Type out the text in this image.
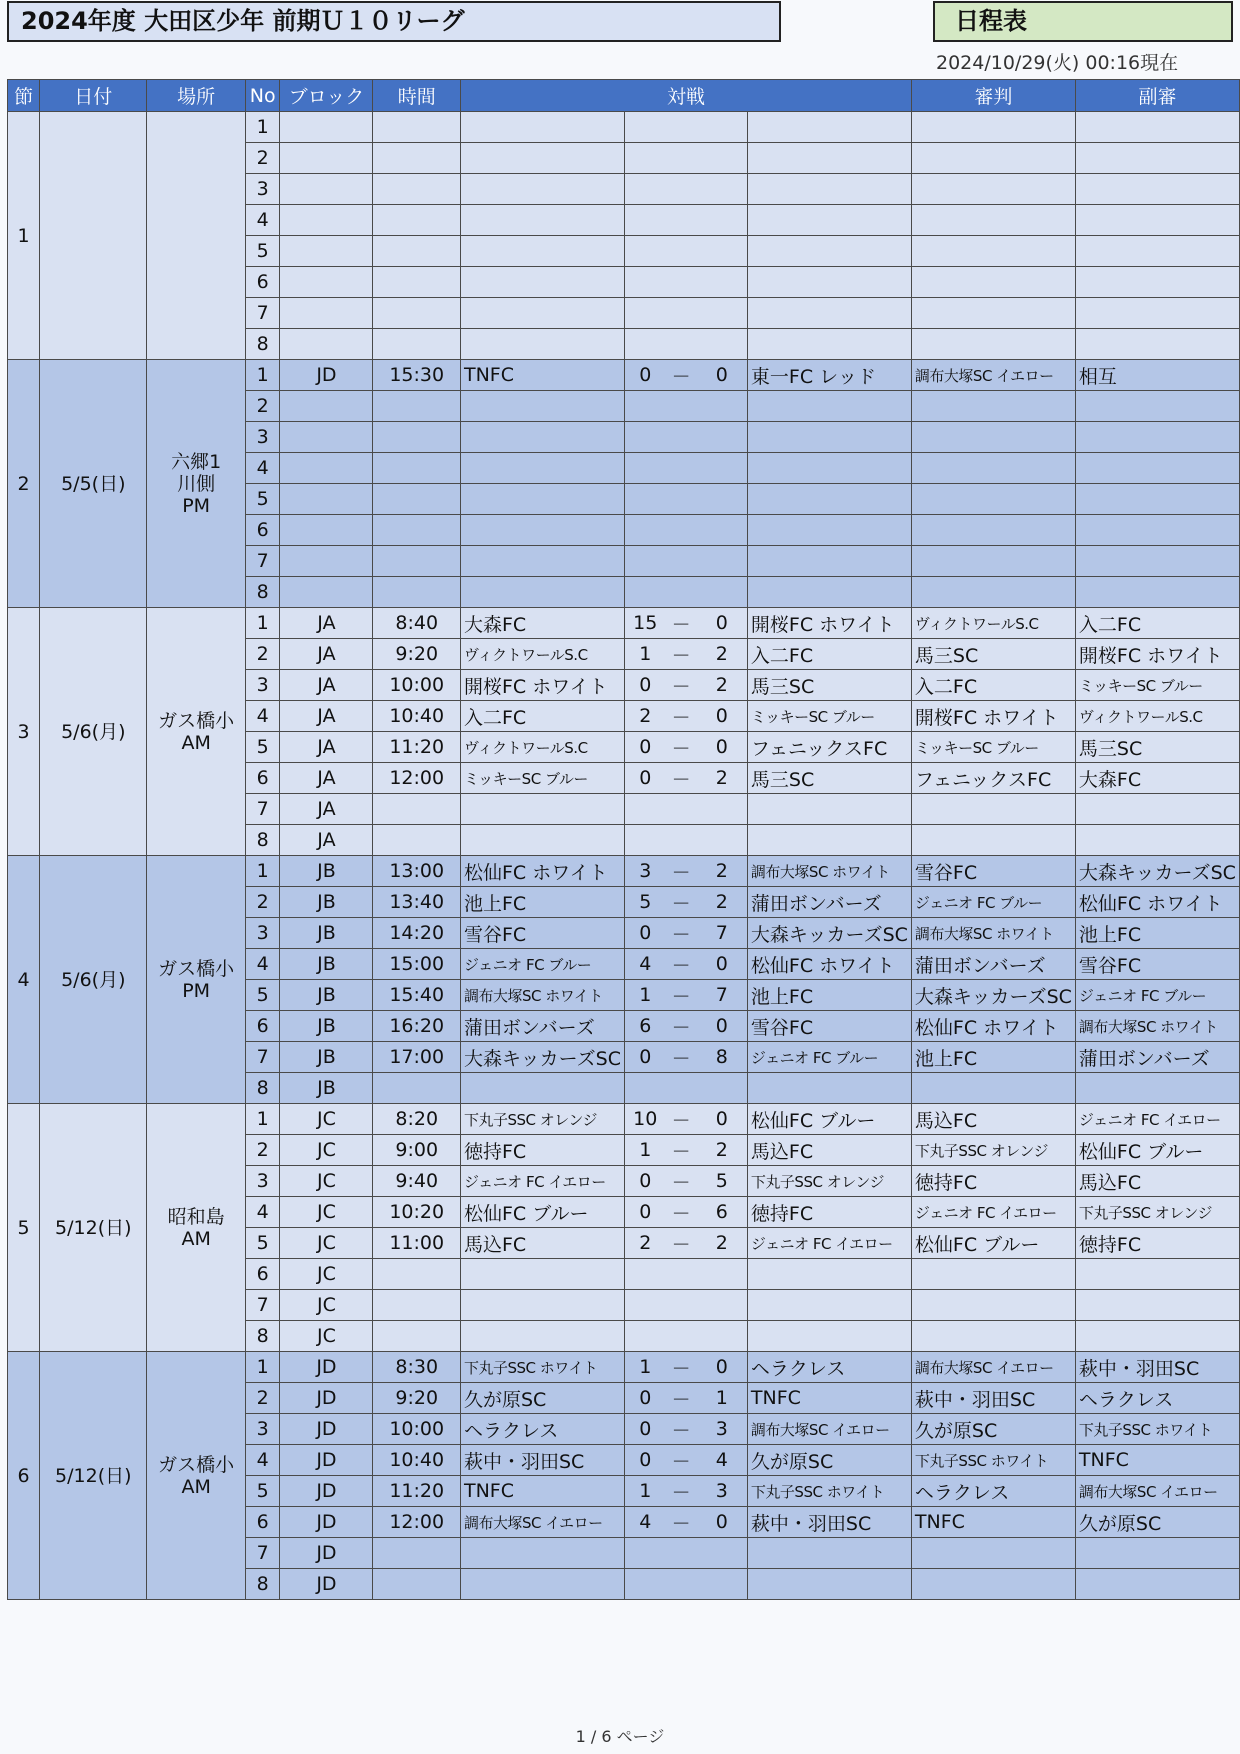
2024年度 大田区少年 前期Ｕ１０リーグ	日程表
2024/10/29(火) 00:16現在
節	日付	場所	No	ブロック	時間	対戦					審判	副審
1			1									
			2									
			3									
			4									
			5									
			6									
			7									
			8									
2	5/5(日)	六郷1
川側
PM	1	JD	15:30	TNFC	0	－	0	東一FC レッド	調布大塚SC イエロー	相互
			2									
			3									
			4									
			5									
			6									
			7									
			8									
3	5/6(月)	ガス橋小
AM	1	JA	8:40	大森FC	15	－	0	開桜FC ホワイト	ヴィクトワールS.C	入二FC
			2	JA	9:20	ヴィクトワールS.C	1	－	2	入二FC	馬三SC	開桜FC ホワイト
			3	JA	10:00	開桜FC ホワイト	0	－	2	馬三SC	入二FC	ミッキーSC ブルー
			4	JA	10:40	入二FC	2	－	0	ミッキーSC ブルー	開桜FC ホワイト	ヴィクトワールS.C
			5	JA	11:20	ヴィクトワールS.C	0	－	0	フェニックスFC	ミッキーSC ブルー	馬三SC
			6	JA	12:00	ミッキーSC ブルー	0	－	2	馬三SC	フェニックスFC	大森FC
			7	JA								
			8	JA								
4	5/6(月)	ガス橋小
PM	1	JB	13:00	松仙FC ホワイト	3	－	2	調布大塚SC ホワイト	雪谷FC	大森キッカーズSC
			2	JB	13:40	池上FC	5	－	2	蒲田ボンバーズ	ジェニオ FC ブルー	松仙FC ホワイト
			3	JB	14:20	雪谷FC	0	－	7	大森キッカーズSC	調布大塚SC ホワイト	池上FC
			4	JB	15:00	ジェニオ FC ブルー	4	－	0	松仙FC ホワイト	蒲田ボンバーズ	雪谷FC
			5	JB	15:40	調布大塚SC ホワイト	1	－	7	池上FC	大森キッカーズSC	ジェニオ FC ブルー
			6	JB	16:20	蒲田ボンバーズ	6	－	0	雪谷FC	松仙FC ホワイト	調布大塚SC ホワイト
			7	JB	17:00	大森キッカーズSC	0	－	8	ジェニオ FC ブルー	池上FC	蒲田ボンバーズ
			8	JB								
5	5/12(日)	昭和島
AM	1	JC	8:20	下丸子SSC オレンジ	10	－	0	松仙FC ブルー	馬込FC	ジェニオ FC イエロー
			2	JC	9:00	徳持FC	1	－	2	馬込FC	下丸子SSC オレンジ	松仙FC ブルー
			3	JC	9:40	ジェニオ FC イエロー	0	－	5	下丸子SSC オレンジ	徳持FC	馬込FC
			4	JC	10:20	松仙FC ブルー	0	－	6	徳持FC	ジェニオ FC イエロー	下丸子SSC オレンジ
			5	JC	11:00	馬込FC	2	－	2	ジェニオ FC イエロー	松仙FC ブルー	徳持FC
			6	JC								
			7	JC								
			8	JC								
6	5/12(日)	ガス橋小
AM	1	JD	8:30	下丸子SSC ホワイト	1	－	0	ヘラクレス	調布大塚SC イエロー	萩中・羽田SC
			2	JD	9:20	久が原SC	0	－	1	TNFC	萩中・羽田SC	ヘラクレス
			3	JD	10:00	ヘラクレス	0	－	3	調布大塚SC イエロー	久が原SC	下丸子SSC ホワイト
			4	JD	10:40	萩中・羽田SC	0	－	4	久が原SC	下丸子SSC ホワイト	TNFC
			5	JD	11:20	TNFC	1	－	3	下丸子SSC ホワイト	ヘラクレス	調布大塚SC イエロー
			6	JD	12:00	調布大塚SC イエロー	4	－	0	萩中・羽田SC	TNFC	久が原SC
			7	JD								
			8	JD								
1 / 6 ページ
